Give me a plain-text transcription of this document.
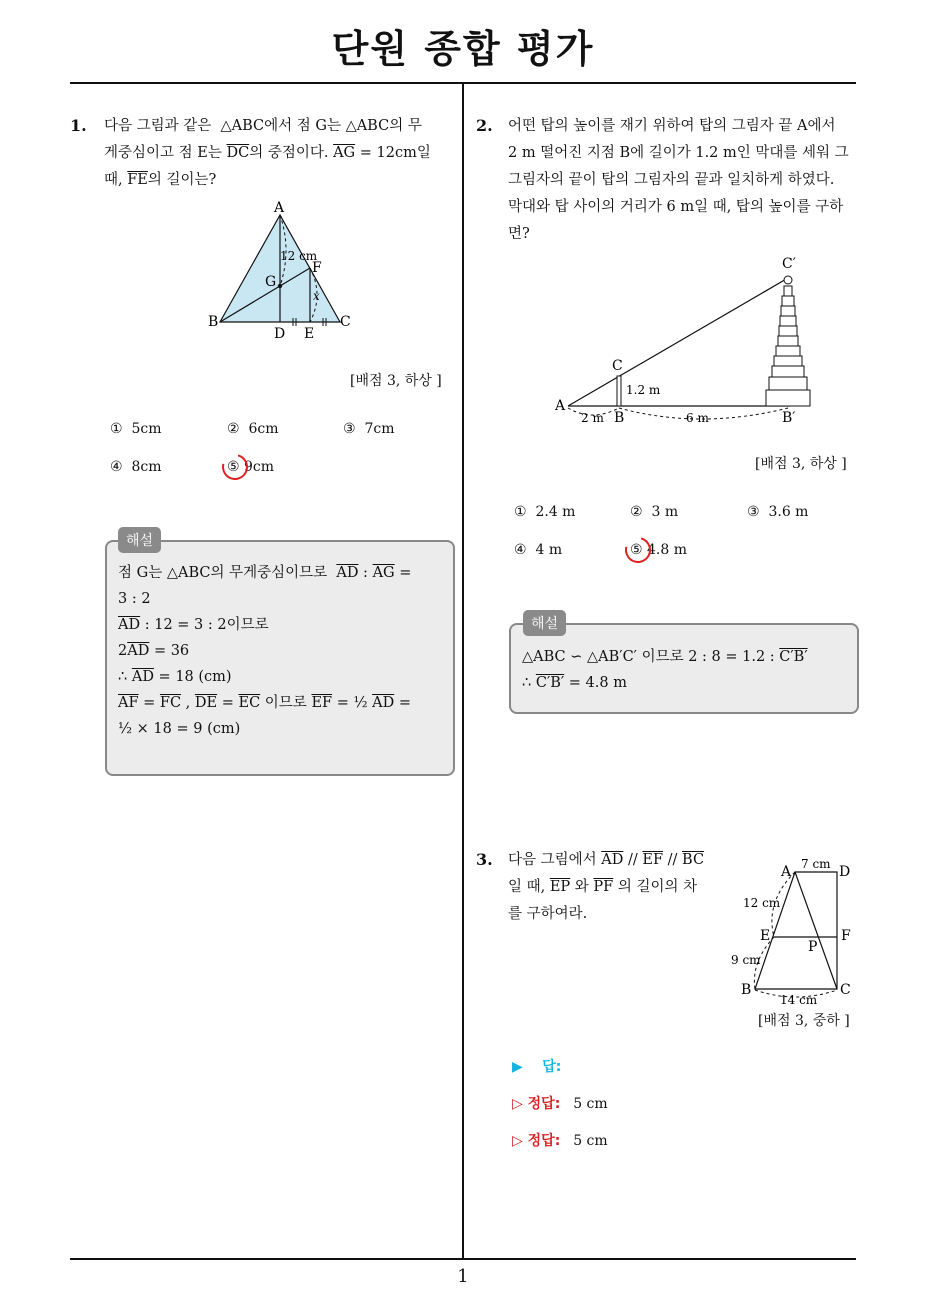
단원 종합 평가
1
1. 다음 그림과 같은  △ABC에서 점 G는 △ABC의 무
게중심이고 점 E는 $\overline{DC}$의 중점이다. $\overline{AG} = 12cm$일
때, $\overline{FE}$의 길이는?
A
B	C
D E
F
G
12 cm
x
[배점 3, 하상 ]
① 5cm	② 6cm	③ 7cm
④ 8cm	⑤ 9cm
해설
점 G는 △ABC의 무게중심이므로  $\overline{AD}$ : $\overline{AG}$ =
3 : 2
$\overline{AD}$ : 12 = 3 : 2이므로
$2\overline{AD} = 36$
∴ $\overline{AD} = 18$ (cm)
$\overline{AF} = \overline{FC}$ , $\overline{DE} = \overline{EC}$ 이므로 $\overline{EF}$ = ½ $\overline{AD}$ =
½ × 18 = 9 (cm)
2. 어떤 탑의 높이를 재기 위하여 탑의 그림자 끝 A에서
2 m 떨어진 지점 B에 길이가 1.2 m인 막대를 세워 그
그림자의 끝이 탑의 그림자의 끝과 일치하게 하였다.
막대와 탑 사이의 거리가 6 m일 때, 탑의 높이를 구하
면?
A
B	B′
C
C′
1.2 m
2 m	6 m
[배점 3, 하상 ]
① 2.4 m	② 3 m	③ 3.6 m
④ 4 m	⑤ 4.8 m
해설
△ABC ∽ △AB′C′ 이므로 2 : 8 = 1.2 : C′B′
∴ C′B′ = 4.8 m
3. 다음 그림에서 $\overline{AD} // \overline{EF} // \overline{BC}$
일 때, $\overline{EP}$ 와 $\overline{PF}$ 의 길이의 차
를 구하여라.
A	D
E	F
P
B	C
7 cm
12 cm
9 cm
14 cm
[배점 3, 중하 ]
▶ 답:
▷ 정답: 5 cm
▷ 정답: 5 cm
